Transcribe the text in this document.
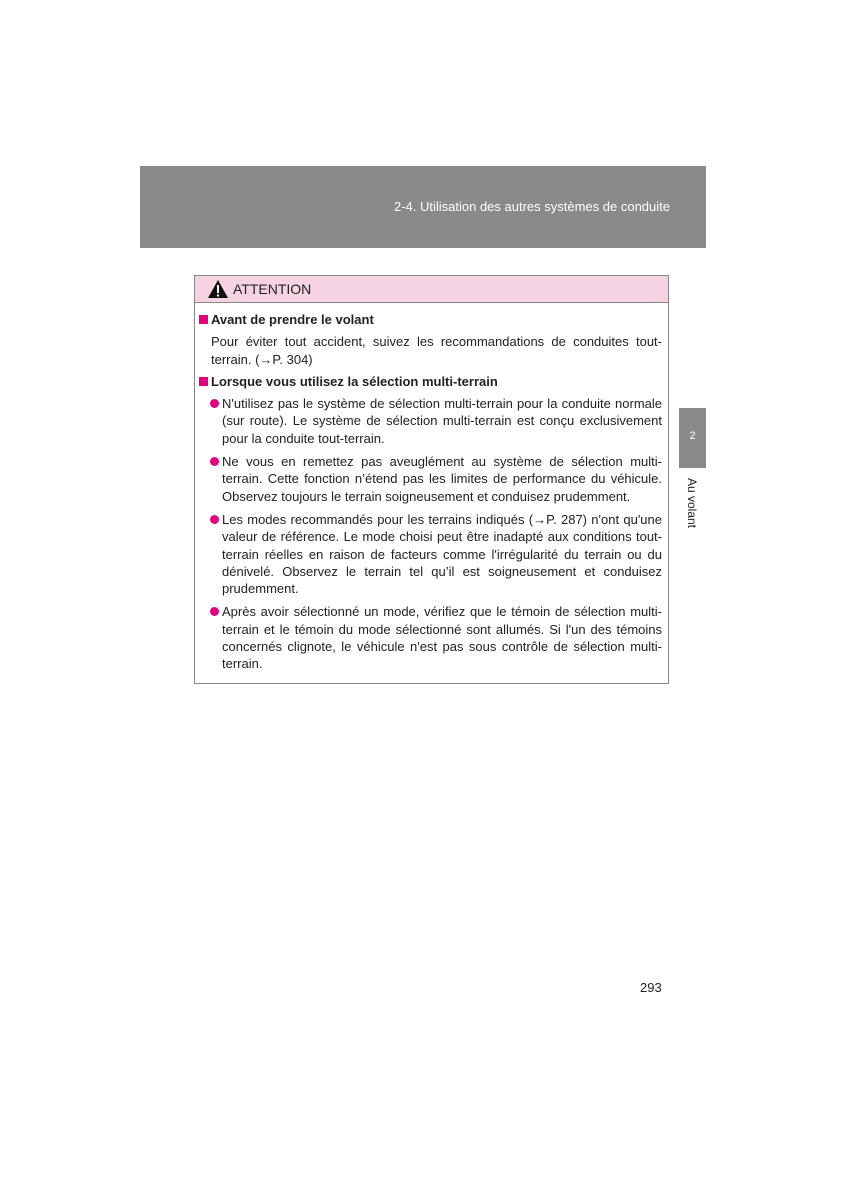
2-4. Utilisation des autres systèmes de conduite
2
Au volant
ATTENTION
Avant de prendre le volant
Pour éviter tout accident, suivez les recommandations de conduites tout-terrain. (→P. 304)
Lorsque vous utilisez la sélection multi-terrain
N'utilisez pas le système de sélection multi-terrain pour la conduite normale (sur route). Le système de sélection multi-terrain est conçu exclusivement pour la conduite tout-terrain.
Ne vous en remettez pas aveuglément au système de sélection multi-terrain. Cette fonction n’étend pas les limites de performance du véhicule. Observez toujours le terrain soigneusement et conduisez prudemment.
Les modes recommandés pour les terrains indiqués (→P. 287) n'ont qu'une valeur de référence. Le mode choisi peut être inadapté aux conditions tout-terrain réelles en raison de facteurs comme l'irrégularité du terrain ou du dénivelé. Observez le terrain tel qu’il est soigneusement et conduisez prudemment.
Après avoir sélectionné un mode, vérifiez que le témoin de sélection multi-terrain et le témoin du mode sélectionné sont allumés. Si l'un des témoins concernés clignote, le véhicule n'est pas sous contrôle de sélection multi-terrain.
293
